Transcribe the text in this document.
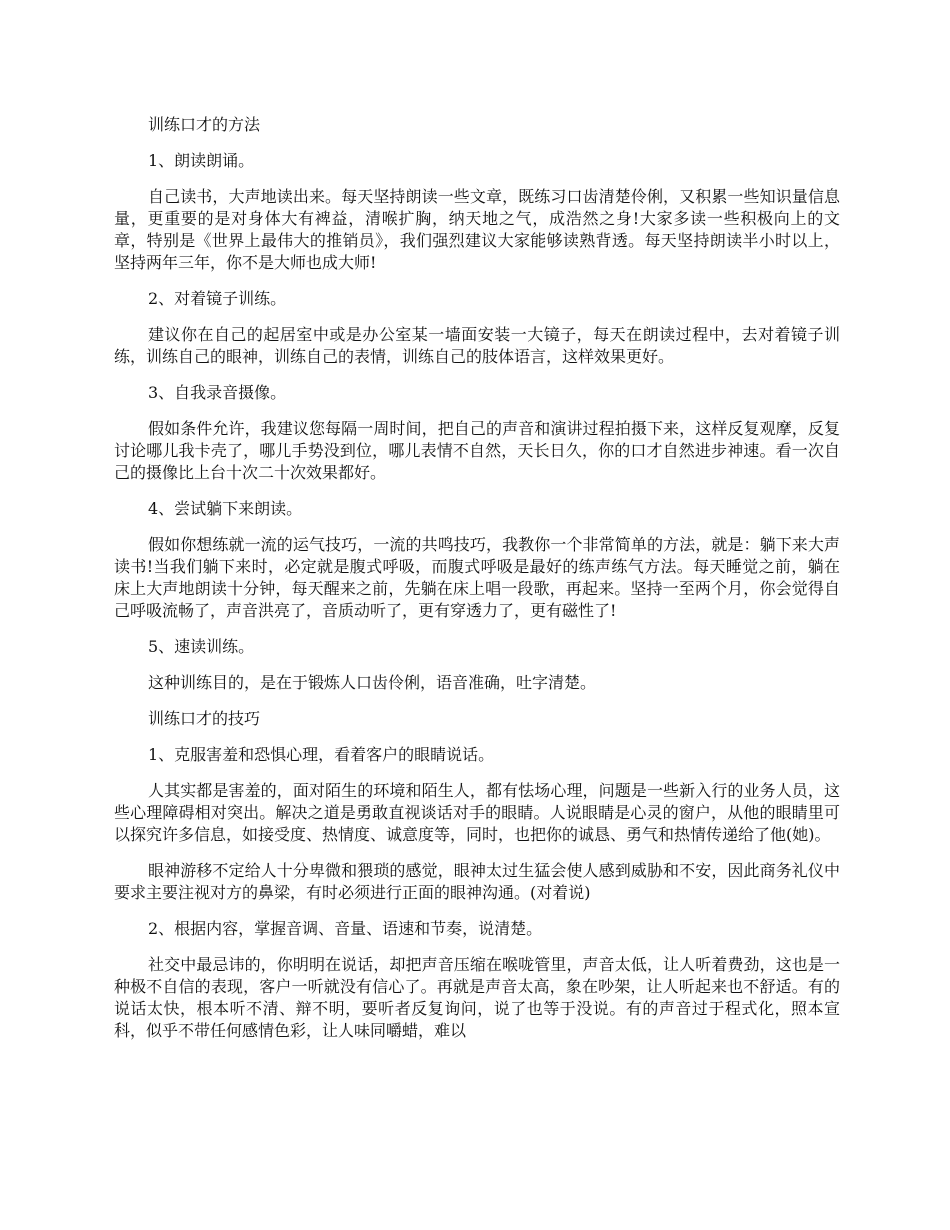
训练口才的方法

1、朗读朗诵。

自己读书，大声地读出来。每天坚持朗读一些文章，既练习口齿清楚伶俐，又积累一些知识量信息量，更重要的是对身体大有裨益，清喉扩胸，纳天地之气，成浩然之身!大家多读一些积极向上的文章，特别是《世界上最伟大的推销员》，我们强烈建议大家能够读熟背透。每天坚持朗读半小时以上，坚持两年三年，你不是大师也成大师!

2、对着镜子训练。

建议你在自己的起居室中或是办公室某一墙面安装一大镜子，每天在朗读过程中，去对着镜子训练，训练自己的眼神，训练自己的表情，训练自己的肢体语言，这样效果更好。

3、自我录音摄像。

假如条件允许，我建议您每隔一周时间，把自己的声音和演讲过程拍摄下来，这样反复观摩，反复讨论哪儿我卡壳了，哪儿手势没到位，哪儿表情不自然，天长日久，你的口才自然进步神速。看一次自己的摄像比上台十次二十次效果都好。

4、尝试躺下来朗读。

假如你想练就一流的运气技巧，一流的共鸣技巧，我教你一个非常简单的方法，就是：躺下来大声读书!当我们躺下来时，必定就是腹式呼吸，而腹式呼吸是最好的练声练气方法。每天睡觉之前，躺在床上大声地朗读十分钟，每天醒来之前，先躺在床上唱一段歌，再起来。坚持一至两个月，你会觉得自己呼吸流畅了，声音洪亮了，音质动听了，更有穿透力了，更有磁性了!

5、速读训练。

这种训练目的，是在于锻炼人口齿伶俐，语音准确，吐字清楚。

训练口才的技巧

1、克服害羞和恐惧心理，看着客户的眼睛说话。

人其实都是害羞的，面对陌生的环境和陌生人，都有怯场心理，问题是一些新入行的业务人员，这些心理障碍相对突出。解决之道是勇敢直视谈话对手的眼睛。人说眼睛是心灵的窗户，从他的眼睛里可以探究许多信息，如接受度、热情度、诚意度等，同时，也把你的诚恳、勇气和热情传递给了他(她)。

眼神游移不定给人十分卑微和猥琐的感觉，眼神太过生猛会使人感到威胁和不安，因此商务礼仪中要求主要注视对方的鼻梁，有时必须进行正面的眼神沟通。(对着说)

2、根据内容，掌握音调、音量、语速和节奏，说清楚。

社交中最忌讳的，你明明在说话，却把声音压缩在喉咙管里，声音太低，让人听着费劲，这也是一种极不自信的表现，客户一听就没有信心了。再就是声音太高，象在吵架，让人听起来也不舒适。有的说话太快，根本听不清、辩不明，要听者反复询问，说了也等于没说。有的声音过于程式化，照本宣科，似乎不带任何感情色彩，让人味同嚼蜡，难以
